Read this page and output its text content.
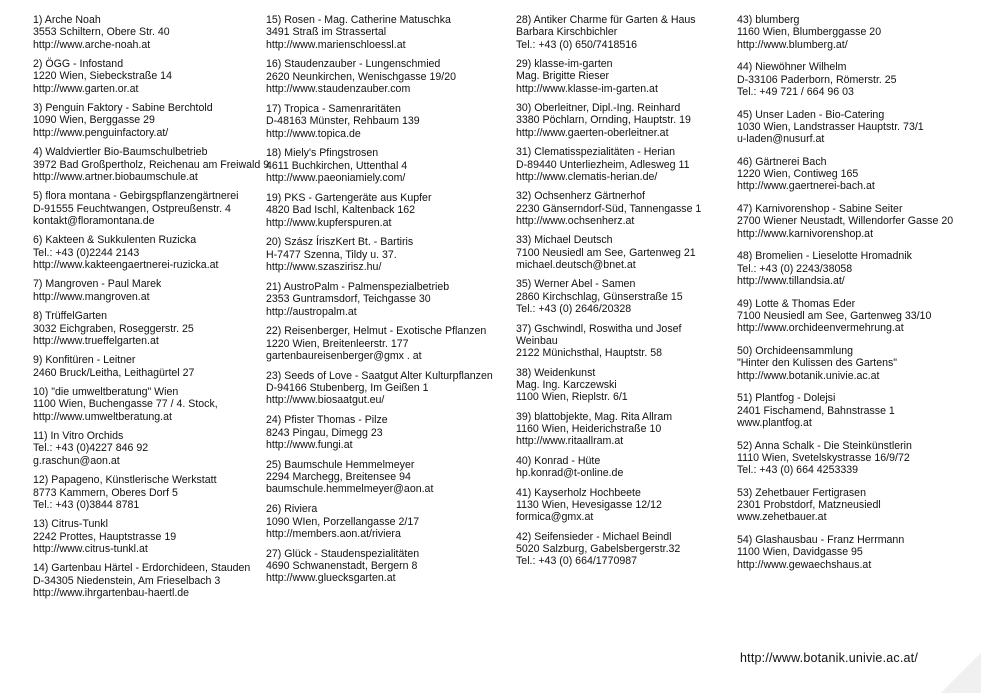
1) Arche Noah
3553 Schiltern, Obere Str. 40
http://www.arche-noah.at
2) ÖGG - Infostand
1220 Wien, Siebeckstraße 14
http://www.garten.or.at
3) Penguin Faktory - Sabine Berchtold
1090 Wien, Berggasse 29
http://www.penguinfactory.at/
4) Waldviertler Bio-Baumschulbetrieb
3972 Bad Großpertholz, Reichenau am Freiwald 9
http://www.artner.biobaumschule.at
5) flora montana - Gebirgspflanzengärtnerei
D-91555 Feuchtwangen, Ostpreußenstr. 4
kontakt@floramontana.de
6) Kakteen & Sukkulenten Ruzicka
Tel.: +43 (0)2244 2143
http://www.kakteengaertnerei-ruzicka.at
7) Mangroven - Paul Marek
http://www.mangroven.at
8) TrüffelGarten
3032 Eichgraben, Roseggerstr. 25
http://www.trueffelgarten.at
9) Konfitüren - Leitner
2460 Bruck/Leitha, Leithagürtel 27
10) "die umweltberatung" Wien
1100 Wien, Buchengasse 77 / 4. Stock,
http://www.umweltberatung.at
11) In Vitro Orchids
Tel.: +43 (0)4227 846 92
g.raschun@aon.at
12) Papageno, Künstlerische Werkstatt
8773 Kammern, Oberes Dorf 5
Tel.: +43 (0)3844 8781
13) Citrus-Tunkl
2242 Prottes, Hauptstrasse 19
http://www.citrus-tunkl.at
14) Gartenbau Härtel - Erdorchideen, Stauden
D-34305 Niedenstein, Am Frieselbach 3
http://www.ihrgartenbau-haertl.de
15) Rosen - Mag. Catherine Matuschka
3491 Straß im Strassertal
http://www.marienschloessl.at
16) Staudenzauber - Lungenschmied
2620 Neunkirchen, Wenischgasse 19/20
http://www.staudenzauber.com
17) Tropica - Samenraritäten
D-48163 Münster, Rehbaum 139
http://www.topica.de
18) Miely's Pfingstrosen
4611 Buchkirchen, Uttenthal 4
http://www.paeoniamiely.com/
19) PKS - Gartengeräte aus Kupfer
4820 Bad Ischl, Kaltenback 162
http://www.kupferspuren.at
20) Szász ÍriszKert Bt. - Bartiris
H-7477 Szenna, Tildy u. 37.
http://www.szaszirisz.hu/
21) AustroPalm - Palmenspezialbetrieb
2353 Guntramsdorf, Teichgasse 30
http://austropalm.at
22) Reisenberger, Helmut - Exotische Pflanzen
1220 Wien, Breitenleerstr. 177
gartenbaureisenberger@gmx . at
23) Seeds of Love - Saatgut Alter Kulturpflanzen
D-94166 Stubenberg, Im Geißen 1
http://www.biosaatgut.eu/
24) Pfister Thomas - Pilze
8243 Pingau, Dimegg 23
http://www.fungi.at
25) Baumschule Hemmelmeyer
2294 Marchegg, Breitensee 94
baumschule.hemmelmeyer@aon.at
26) Riviera
1090 WIen, Porzellangasse 2/17
http://members.aon.at/riviera
27) Glück - Staudenspezialitäten
4690 Schwanenstadt, Bergern 8
http://www.gluecksgarten.at
28) Antiker Charme für Garten & Haus
Barbara Kirschbichler
Tel.: +43 (0) 650/7418516
29) klasse-im-garten
Mag. Brigitte Rieser
http://www.klasse-im-garten.at
30) Oberleitner, Dipl.-Ing. Reinhard
3380 Pöchlarn, Ornding, Hauptstr. 19
http://www.gaerten-oberleitner.at
31) Clematisspezialitäten - Herian
D-89440 Unterliezheim, Adlesweg 11
http://www.clematis-herian.de/
32) Ochsenherz Gärtnerhof
2230 Gänserndorf-Süd, Tannengasse 1
http://www.ochsenherz.at
33) Michael Deutsch
7100 Neusiedl am See, Gartenweg 21
michael.deutsch@bnet.at
35) Werner Abel - Samen
2860 Kirchschlag, Günserstraße 15
Tel.: +43 (0) 2646/20328
37) Gschwindl, Roswitha und Josef
Weinbau
2122 Münichsthal, Hauptstr. 58
38) Weidenkunst
Mag. Ing. Karczewski
1100 Wien, Rieplstr. 6/1
39) blattobjekte, Mag. Rita Allram
1160 Wien, Heiderichstraße 10
http://www.ritaallram.at
40) Konrad - Hüte
hp.konrad@t-online.de
41) Kayserholz Hochbeete
1130 Wien, Hevesigasse 12/12
formica@gmx.at
42) Seifensieder - Michael Beindl
5020 Salzburg, Gabelsbergerstr.32
Tel.: +43 (0) 664/1770987
43) blumberg
1160 Wien, Blumberggasse 20
http://www.blumberg.at/
44) Niewöhner Wilhelm
D-33106 Paderborn, Römerstr. 25
Tel.: +49 721 / 664 96 03
45) Unser Laden - Bio-Catering
1030 Wien, Landstrasser Hauptstr. 73/1
u-laden@nusurf.at
46) Gärtnerei Bach
1220 Wien, Contiweg 165
http://www.gaertnerei-bach.at
47) Karnivorenshop - Sabine Seiter
2700 Wiener Neustadt, Willendorfer Gasse 20
http://www.karnivorenshop.at
48) Bromelien - Lieselotte Hromadnik
Tel.: +43 (0) 2243/38058
http://www.tillandsia.at/
49) Lotte & Thomas Eder
7100 Neusiedl am See, Gartenweg 33/10
http://www.orchideenvermehrung.at
50) Orchideensammlung
"Hinter den Kulissen des Gartens"
http://www.botanik.univie.ac.at
51) Plantfog - Dolejsi
2401 Fischamend, Bahnstrasse 1
www.plantfog.at
52) Anna Schalk - Die Steinkünstlerin
1110 Wien, Svetelskystrasse 16/9/72
Tel.: +43 (0) 664 4253339
53) Zehetbauer Fertigrasen
2301 Probstdorf, Matzneusiedl
www.zehetbauer.at
54) Glashausbau - Franz Herrmann
1100 Wien, Davidgasse 95
http://www.gewaechshaus.at
http://www.botanik.univie.ac.at/
